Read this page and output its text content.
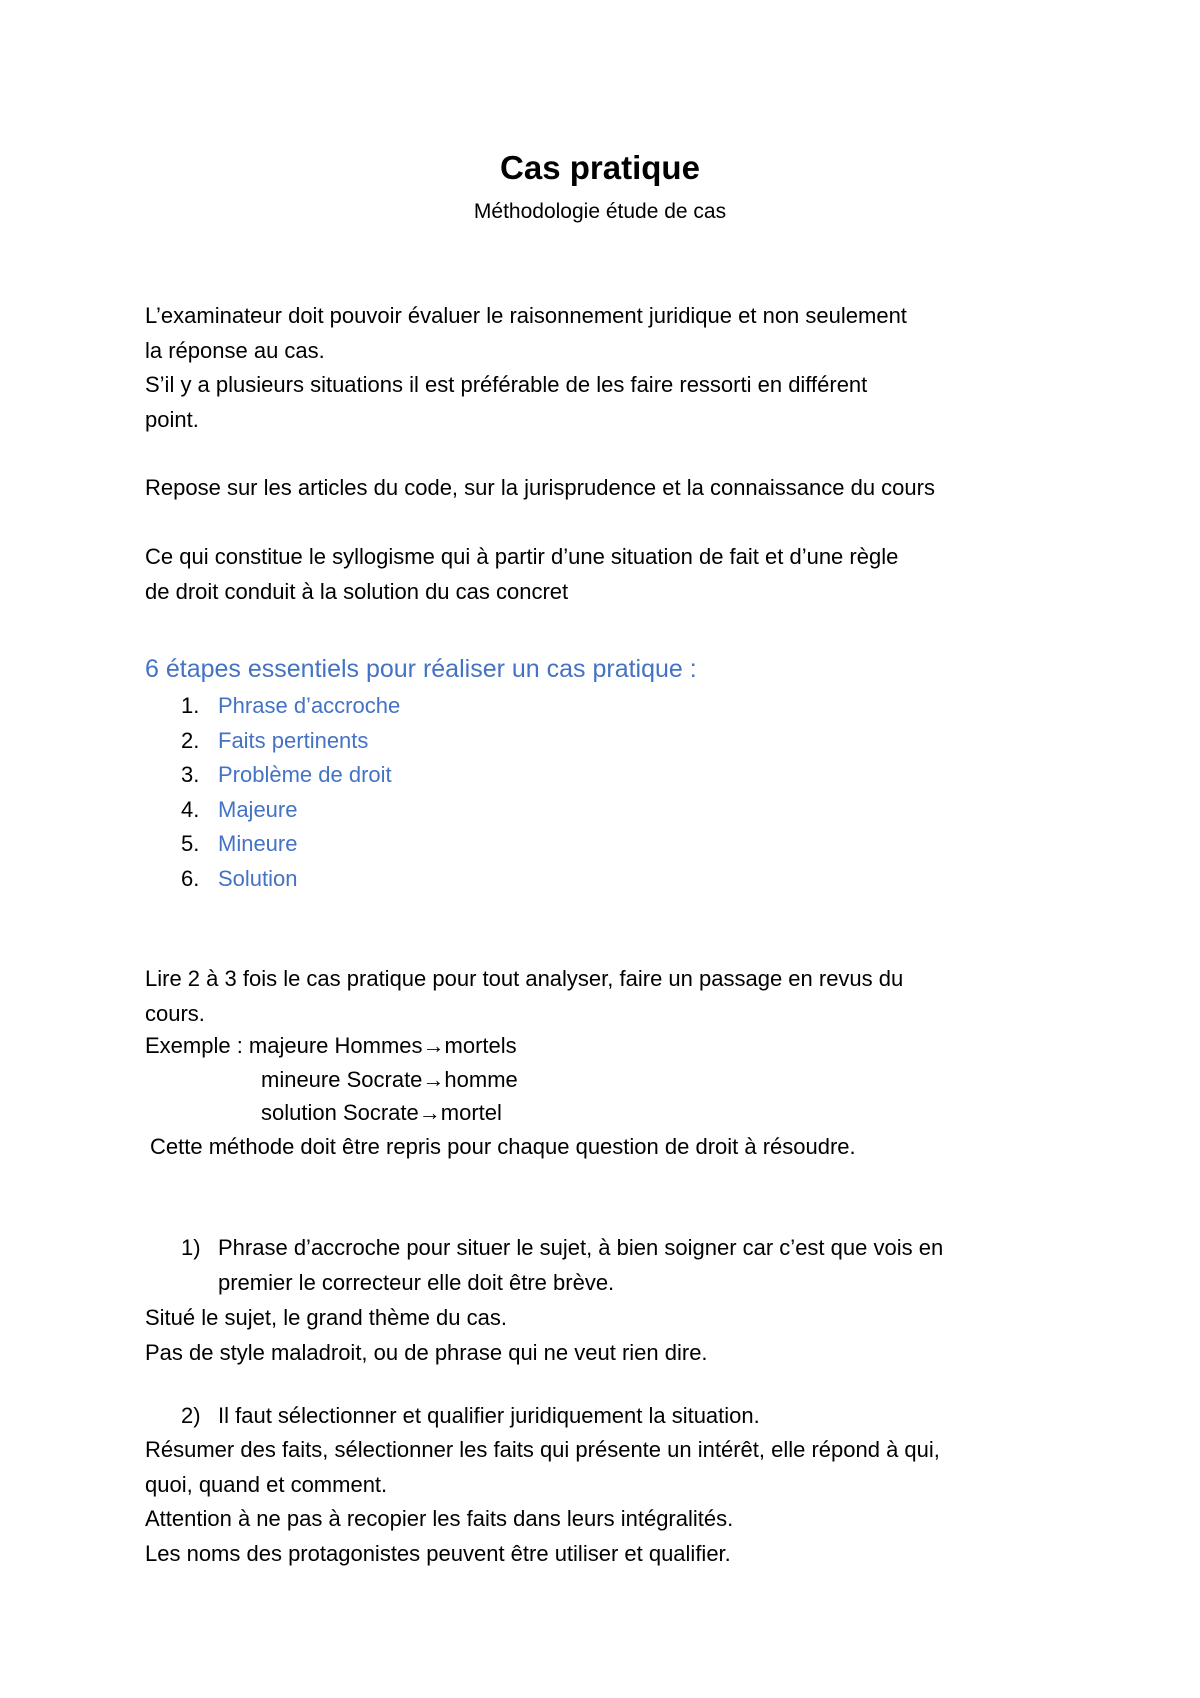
Cas pratique
Méthodologie étude de cas
L’examinateur doit pouvoir évaluer le raisonnement juridique et non seulement
la réponse au cas.
S’il y a plusieurs situations il est préférable de les faire ressorti en différent
point.
Repose sur les articles du code, sur la jurisprudence et la connaissance du cours
Ce qui constitue le syllogisme qui à partir d’une situation de fait et d’une règle
de droit conduit à la solution du cas concret
6 étapes essentiels pour réaliser un cas pratique :
1. Phrase d’accroche
2. Faits pertinents
3. Problème de droit
4. Majeure
5. Mineure
6. Solution
Lire 2 à 3 fois le cas pratique pour tout analyser, faire un passage en revus du
cours.
Exemple : majeure Hommes→mortels
mineure Socrate→homme
solution Socrate→mortel
Cette méthode doit être repris pour chaque question de droit à résoudre.
1) Phrase d’accroche pour situer le sujet, à bien soigner car c’est que vois en
premier le correcteur elle doit être brève.
Situé le sujet, le grand thème du cas.
Pas de style maladroit, ou de phrase qui ne veut rien dire.
2) Il faut sélectionner et qualifier juridiquement la situation.
Résumer des faits, sélectionner les faits qui présente un intérêt, elle répond à qui,
quoi, quand et comment.
Attention à ne pas à recopier les faits dans leurs intégralités.
Les noms des protagonistes peuvent être utiliser et qualifier.
